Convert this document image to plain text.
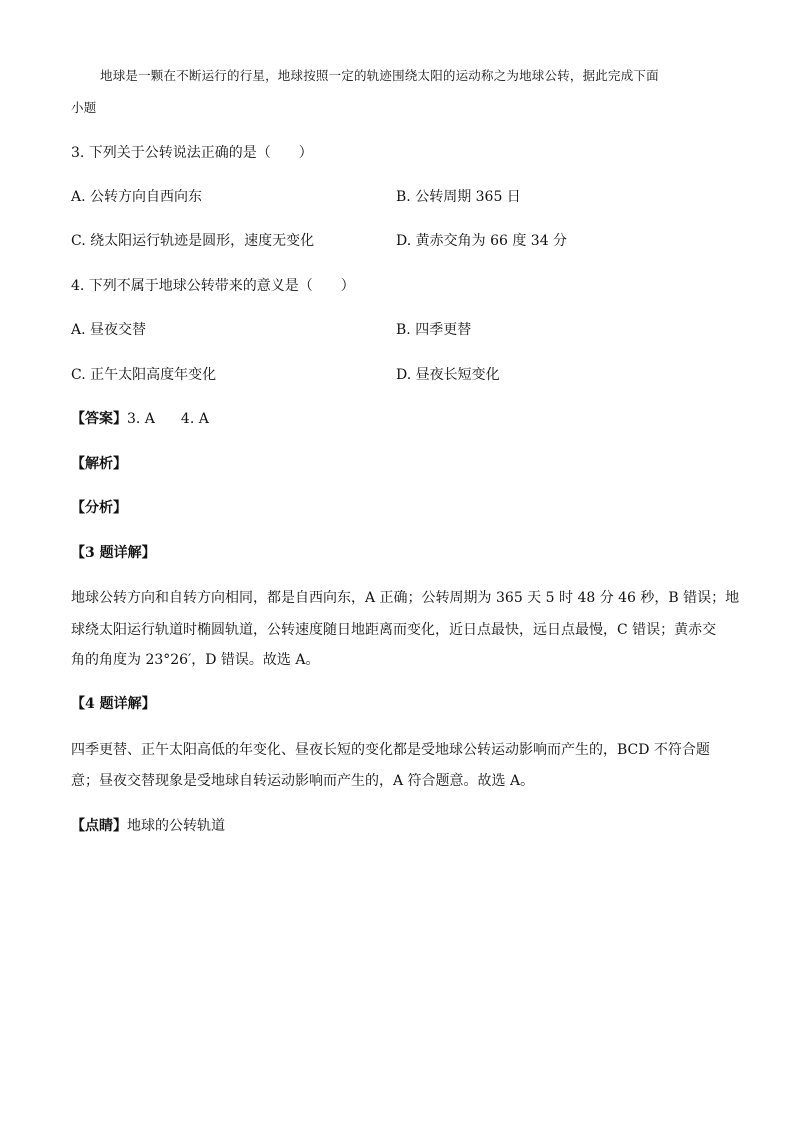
地球是一颗在不断运行的行星，地球按照一定的轨迹围绕太阳的运动称之为地球公转，据此完成下面
小题
3. 下列关于公转说法正确的是（　　）
A. 公转方向自西向东	B. 公转周期 365 日
C. 绕太阳运行轨迹是圆形，速度无变化	D. 黄赤交角为 66 度 34 分
4. 下列不属于地球公转带来的意义是（　　）
A. 昼夜交替	B. 四季更替
C. 正午太阳高度年变化	D. 昼夜长短变化
【答案】3. A 4. A
【解析】
【分析】
【3 题详解】
地球公转方向和自转方向相同，都是自西向东，A 正确；公转周期为 365 天 5 时 48 分 46 秒，B 错误；地
球绕太阳运行轨道时椭圆轨道，公转速度随日地距离而变化，近日点最快，远日点最慢，C 错误；黄赤交
角的角度为 23°26′，D 错误。故选 A。
【4 题详解】
四季更替、正午太阳高低的年变化、昼夜长短的变化都是受地球公转运动影响而产生的，BCD 不符合题
意；昼夜交替现象是受地球自转运动影响而产生的，A 符合题意。故选 A。
【点睛】地球的公转轨道
